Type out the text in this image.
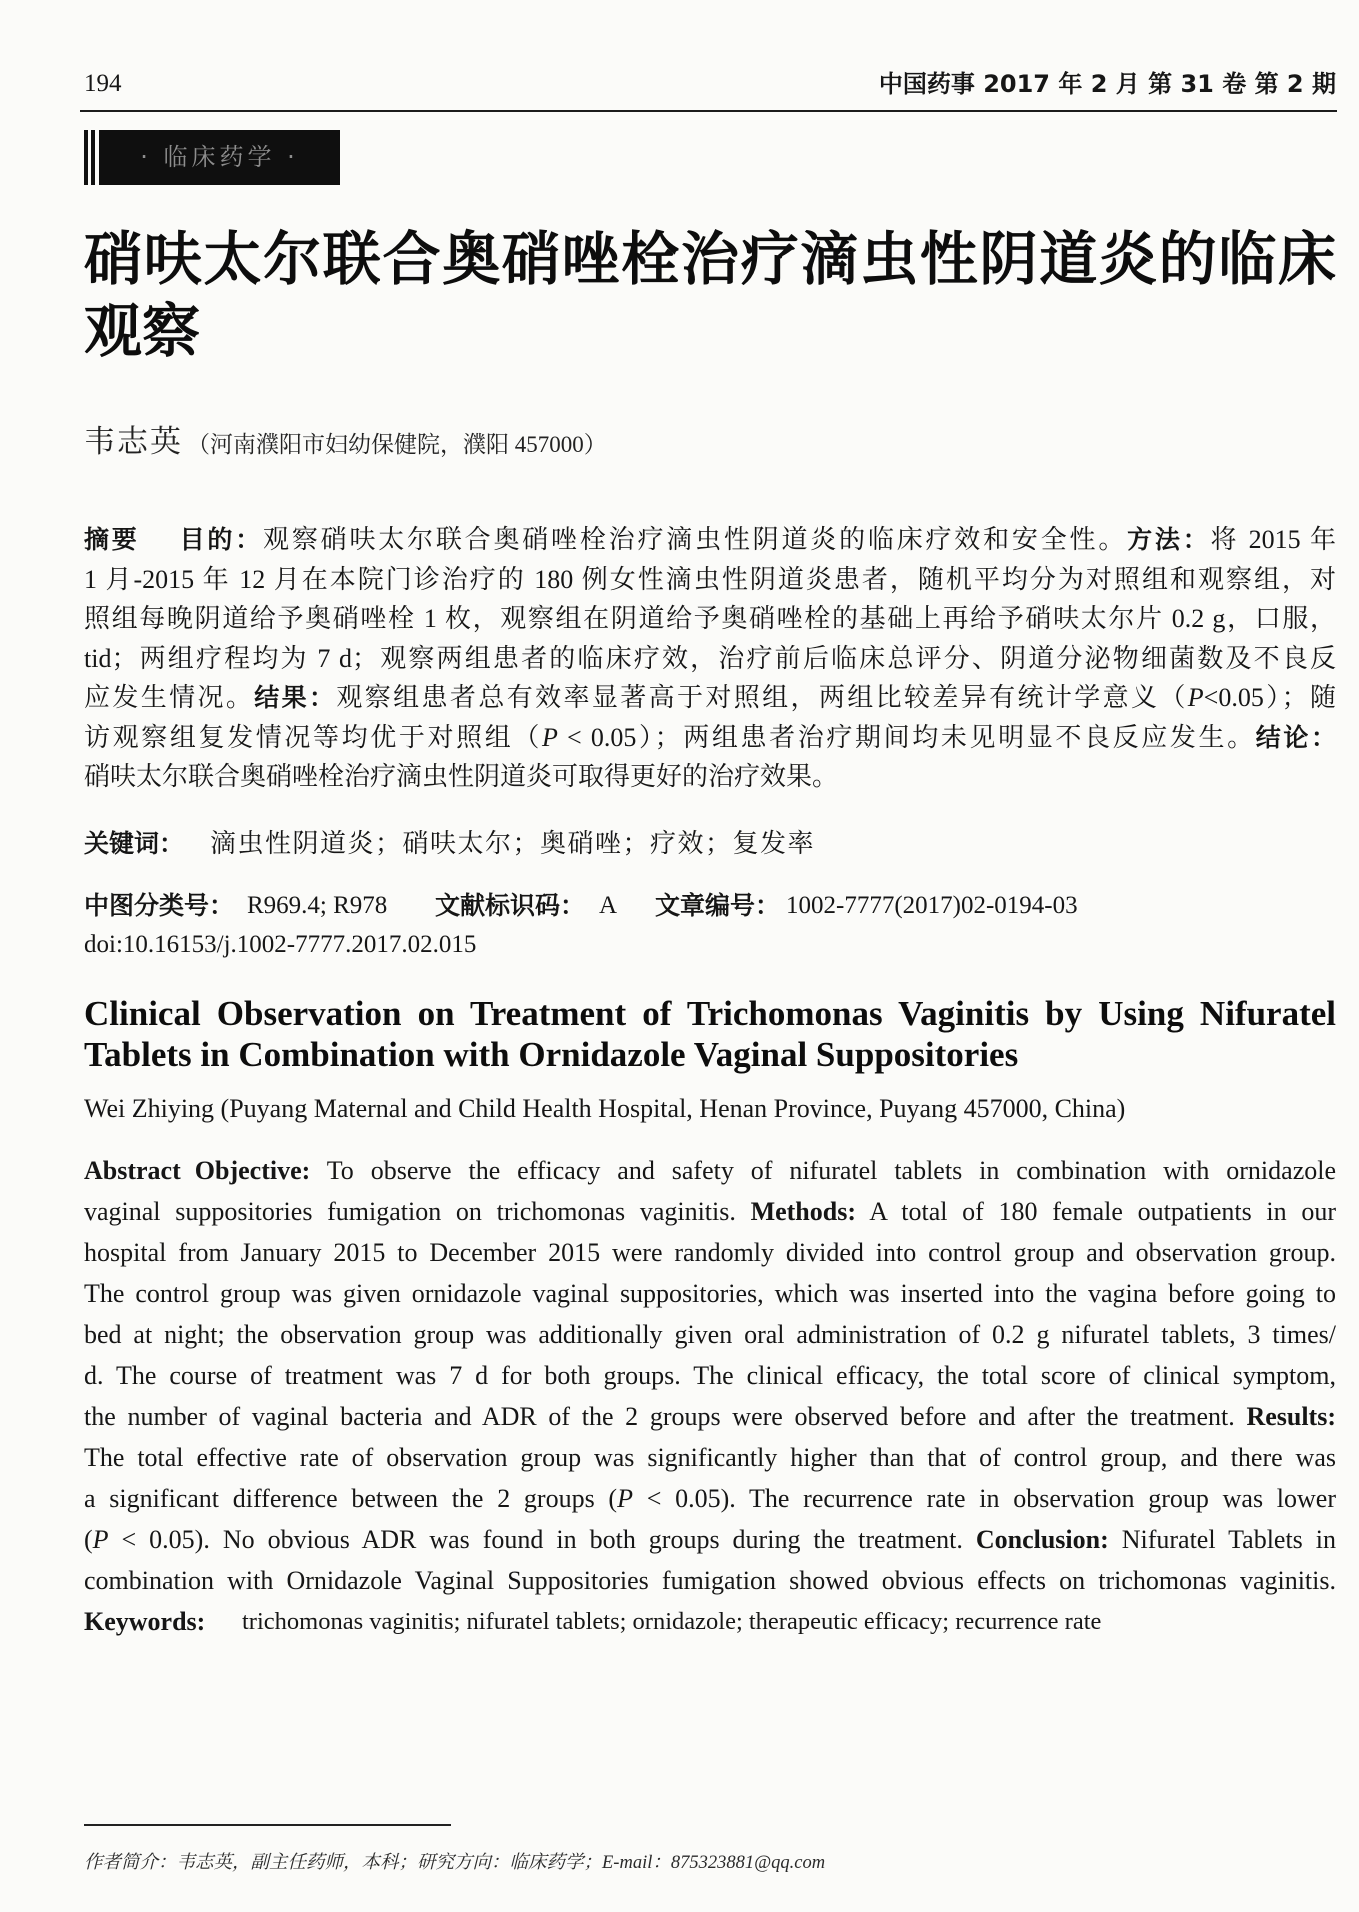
194	中国药事 2017 年 2 月 第 31 卷 第 2 期
· 临床药学 ·
硝呋太尔联合奥硝唑栓治疗滴虫性阴道炎的临床
观察
韦志英 （河南濮阳市妇幼保健院，濮阳 457000）
摘要 目的：观察硝呋太尔联合奥硝唑栓治疗滴虫性阴道炎的临床疗效和安全性。方法：将 2015 年
1 月-2015 年 12 月在本院门诊治疗的 180 例女性滴虫性阴道炎患者，随机平均分为对照组和观察组，对
照组每晚阴道给予奥硝唑栓 1 枚，观察组在阴道给予奥硝唑栓的基础上再给予硝呋太尔片 0.2 g，口服，
tid；两组疗程均为 7 d；观察两组患者的临床疗效，治疗前后临床总评分、阴道分泌物细菌数及不良反
应发生情况。结果：观察组患者总有效率显著高于对照组，两组比较差异有统计学意义（P<0.05）；随
访观察组复发情况等均优于对照组（P < 0.05）；两组患者治疗期间均未见明显不良反应发生。结论：
硝呋太尔联合奥硝唑栓治疗滴虫性阴道炎可取得更好的治疗效果。
关键词： 滴虫性阴道炎；硝呋太尔；奥硝唑；疗效；复发率
中图分类号： R969.4; R978 文献标识码： A 文章编号： 1002-7777(2017)02-0194-03
doi:10.16153/j.1002-7777.2017.02.015
Clinical Observation on Treatment of Trichomonas Vaginitis by Using Nifuratel
Tablets in Combination with Ornidazole Vaginal Suppositories
Wei Zhiying (Puyang Maternal and Child Health Hospital, Henan Province, Puyang 457000, China)
Abstract Objective: To observe the efficacy and safety of nifuratel tablets in combination with ornidazole
vaginal suppositories fumigation on trichomonas vaginitis. Methods: A total of 180 female outpatients in our
hospital from January 2015 to December 2015 were randomly divided into control group and observation group.
The control group was given ornidazole vaginal suppositories, which was inserted into the vagina before going to
bed at night; the observation group was additionally given oral administration of 0.2 g nifuratel tablets, 3 times/
d. The course of treatment was 7 d for both groups. The clinical efficacy, the total score of clinical symptom,
the number of vaginal bacteria and ADR of the 2 groups were observed before and after the treatment. Results:
The total effective rate of observation group was significantly higher than that of control group, and there was
a significant difference between the 2 groups (P < 0.05). The recurrence rate in observation group was lower
(P < 0.05). No obvious ADR was found in both groups during the treatment. Conclusion: Nifuratel Tablets in
combination with Ornidazole Vaginal Suppositories fumigation showed obvious effects on trichomonas vaginitis.
Keywords: trichomonas vaginitis; nifuratel tablets; ornidazole; therapeutic efficacy; recurrence rate
作者简介：韦志英，副主任药师，本科；研究方向：临床药学；E-mail：875323881@qq.com
